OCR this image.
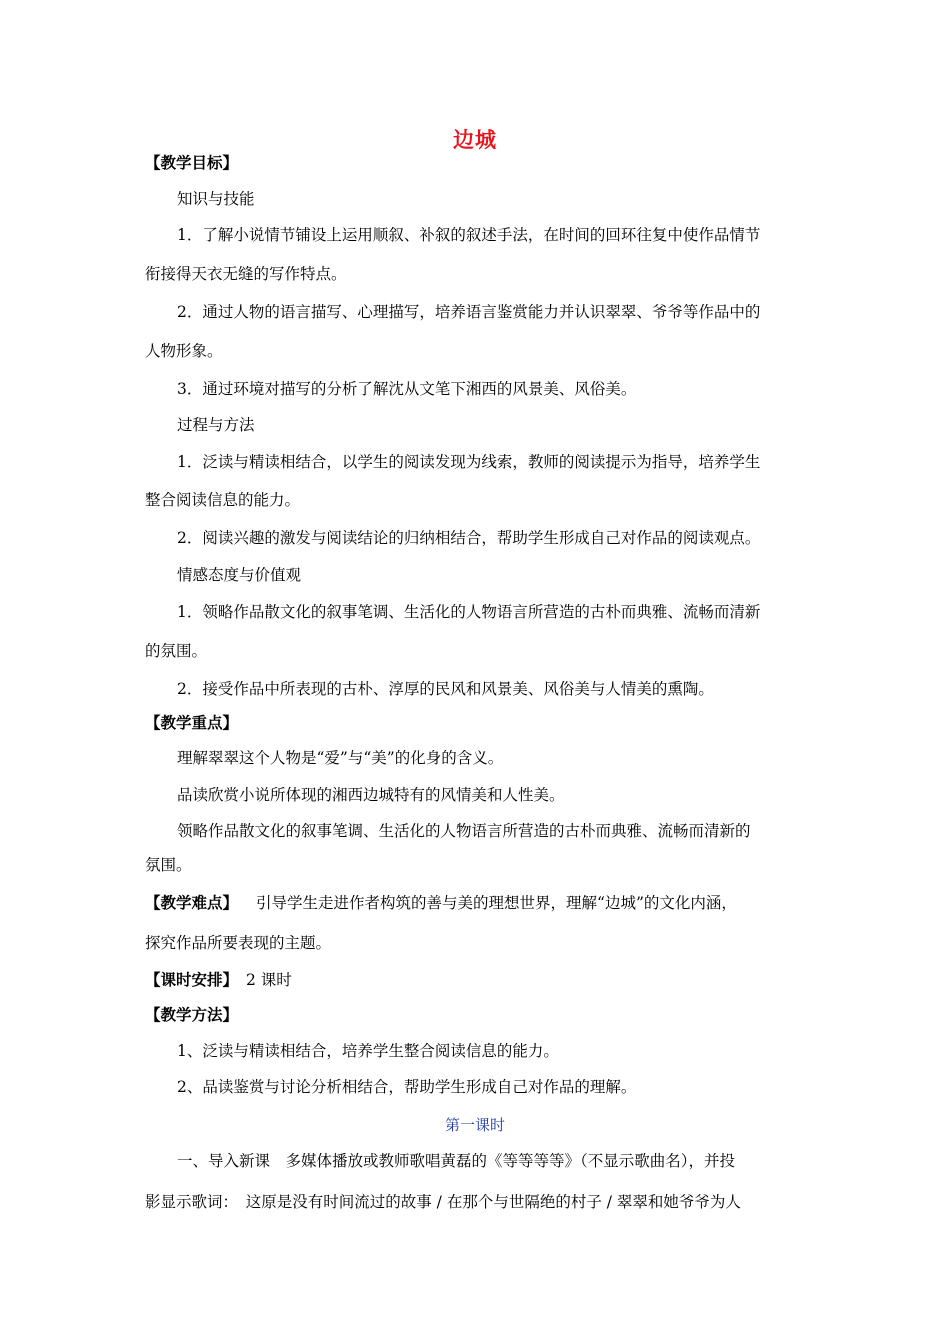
边城
【教学目标】
知识与技能
1．了解小说情节铺设上运用顺叙、补叙的叙述手法，在时间的回环往复中使作品情节
衔接得天衣无缝的写作特点。
2．通过人物的语言描写、心理描写，培养语言鉴赏能力并认识翠翠、爷爷等作品中的
人物形象。
3．通过环境对描写的分析了解沈从文笔下湘西的风景美、风俗美。
过程与方法
1．泛读与精读相结合，以学生的阅读发现为线索，教师的阅读提示为指导，培养学生
整合阅读信息的能力。
2．阅读兴趣的激发与阅读结论的归纳相结合，帮助学生形成自己对作品的阅读观点。
情感态度与价值观
1．领略作品散文化的叙事笔调、生活化的人物语言所营造的古朴而典雅、流畅而清新
的氛围。
2．接受作品中所表现的古朴、淳厚的民风和风景美、风俗美与人情美的熏陶。
【教学重点】
理解翠翠这个人物是“爱”与“美”的化身的含义。
品读欣赏小说所体现的湘西边城特有的风情美和人性美。
领略作品散文化的叙事笔调、生活化的人物语言所营造的古朴而典雅、流畅而清新的
氛围。
【教学难点】 引导学生走进作者构筑的善与美的理想世界，理解“边城”的文化内涵，
探究作品所要表现的主题。
【课时安排】 2 课时
【教学方法】
1、泛读与精读相结合，培养学生整合阅读信息的能力。
2、品读鉴赏与讨论分析相结合，帮助学生形成自己对作品的理解。
第一课时
一、导入新课　多媒体播放或教师歌唱黄磊的《等等等等》（不显示歌曲名），并投
影显示歌词：　这原是没有时间流过的故事 / 在那个与世隔绝的村子 / 翠翠和她爷爷为人
